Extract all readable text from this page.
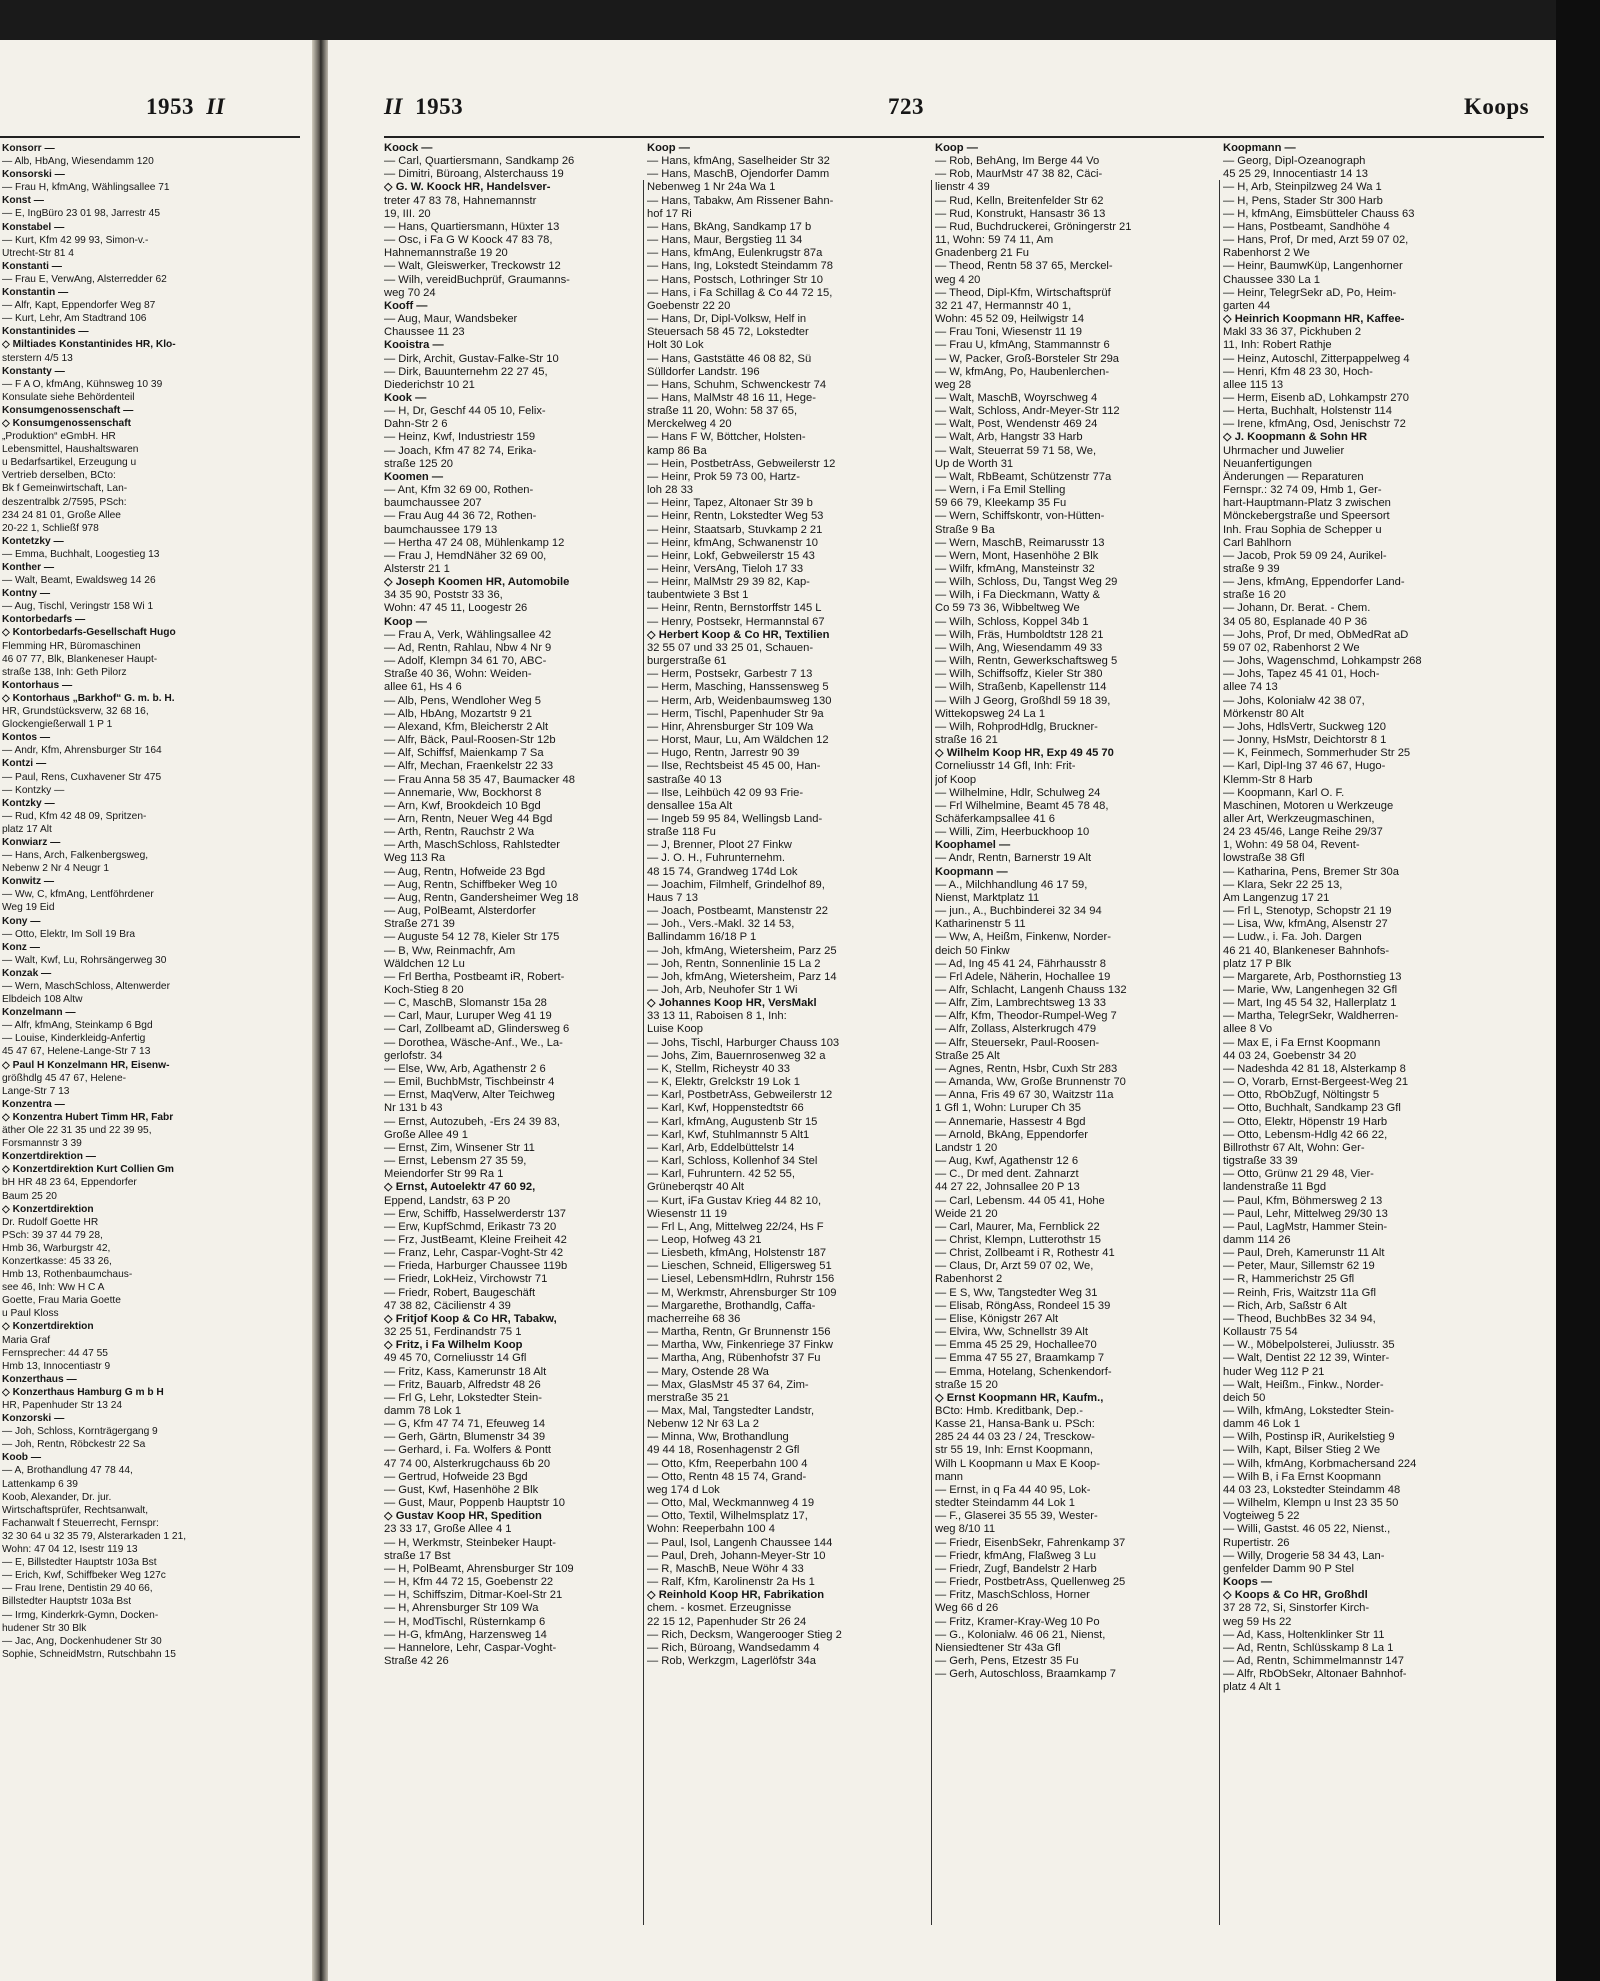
1953 II
Konsorr —
— Alb, HbAng, Wiesendamm 120
Konsorski —
— Frau H, kfmAng, Wählingsallee 71
Konst —
— E, IngBüro 23 01 98, Jarrestr 45
Konstabel —
— Kurt, Kfm 42 99 93, Simon-v.-
Utrecht-Str 81 4
Konstanti —
— Frau E, VerwAng, Alsterredder 62
Konstantin —
— Alfr, Kapt, Eppendorfer Weg 87
— Kurt, Lehr, Am Stadtrand 106
Konstantinides —
◇ Miltiades Konstantinides HR, Klo-
sterstern 4/5 13
Konstanty —
— F A O, kfmAng, Kühnsweg 10 39
Konsulate siehe Behördenteil
Konsumgenossenschaft —
◇ Konsumgenossenschaft
„Produktion“ eGmbH. HR
Lebensmittel, Haushaltswaren
u Bedarfsartikel, Erzeugung u
Vertrieb derselben, BCto:
Bk f Gemeinwirtschaft, Lan-
deszentralbk 2/7595, PSch:
234 24 81 01, Große Allee
20-22 1, Schließf 978
Kontetzky —
— Emma, Buchhalt, Loogestieg 13
Konther —
— Walt, Beamt, Ewaldsweg 14 26
Kontny —
— Aug, Tischl, Veringstr 158 Wi 1
Kontorbedarfs —
◇ Kontorbedarfs-Gesellschaft Hugo
Flemming HR, Büromaschinen
46 07 77, Blk, Blankeneser Haupt-
straße 138, Inh: Geth Pilorz
Kontorhaus —
◇ Kontorhaus „Barkhof“ G. m. b. H.
HR, Grundstücksverw, 32 68 16,
Glockengießerwall 1 P 1
Kontos —
— Andr, Kfm, Ahrensburger Str 164
Kontzi —
— Paul, Rens, Cuxhavener Str 475
— Kontzky —
Kontzky —
— Rud, Kfm 42 48 09, Spritzen-
platz 17 Alt
Konwiarz —
— Hans, Arch, Falkenbergsweg,
Nebenw 2 Nr 4 Neugr 1
Konwitz —
— Ww, C, kfmAng, Lentföhrdener
Weg 19 Eid
Kony —
— Otto, Elektr, Im Soll 19 Bra
Konz —
— Walt, Kwf, Lu, Rohrsängerweg 30
Konzak —
— Wern, MaschSchloss, Altenwerder
Elbdeich 108 Altw
Konzelmann —
— Alfr, kfmAng, Steinkamp 6 Bgd
— Louise, Kinderkleidg-Anfertig
45 47 67, Helene-Lange-Str 7 13
◇ Paul H Konzelmann HR, Eisenw-
größhdlg 45 47 67, Helene-
Lange-Str 7 13
Konzentra —
◇ Konzentra Hubert Timm HR, Fabr
äther Ole 22 31 35 und 22 39 95,
Forsmannstr 3 39
Konzertdirektion —
◇ Konzertdirektion Kurt Collien Gm
bH HR 48 23 64, Eppendorfer
Baum 25 20
◇ Konzertdirektion
Dr. Rudolf Goette HR
PSch: 39 37 44 79 28,
Hmb 36, Warburgstr 42,
Konzertkasse: 45 33 26,
Hmb 13, Rothenbaumchaus-
see 46, Inh: Ww H C A
Goette, Frau Maria Goette
u Paul Kloss
◇ Konzertdirektion
Maria Graf
Fernsprecher: 44 47 55
Hmb 13, Innocentiastr 9
Konzerthaus —
◇ Konzerthaus Hamburg G m b H
HR, Papenhuder Str 13 24
Konzorski —
— Joh, Schloss, Kornträgergang 9
— Joh, Rentn, Röbckestr 22 Sa
Koob —
— A, Brothandlung 47 78 44,
Lattenkamp 6 39
Koob, Alexander, Dr. jur.
Wirtschaftsprüfer, Rechtsanwalt,
Fachanwalt f Steuerrecht, Fernspr:
32 30 64 u 32 35 79, Alsterarkaden 1 21,
Wohn: 47 04 12, Isestr 119 13
— E, Billstedter Hauptstr 103a Bst
— Erich, Kwf, Schiffbeker Weg 127c
— Frau Irene, Dentistin 29 40 66,
Billstedter Hauptstr 103a Bst
— Irmg, Kinderkrk-Gymn, Docken-
hudener Str 30 Blk
— Jac, Ang, Dockenhudener Str 30
Sophie, SchneidMstrn, Rutschbahn 15
II 1953	723	Koops
Koock —
— Carl, Quartiersmann, Sandkamp 26
— Dimitri, Büroang, Alsterchauss 19
◇ G. W. Koock HR, Handelsver-
treter 47 83 78, Hahnemannstr
19, III. 20
— Hans, Quartiersmann, Hüxter 13
— Osc, i Fa G W Koock 47 83 78,
Hahnemannstraße 19 20
— Walt, Gleiswerker, Treckowstr 12
— Wilh, vereidBuchprüf, Graumanns-
weg 70 24
Kooff —
— Aug, Maur, Wandsbeker
Chaussee 11 23
Kooistra —
— Dirk, Archit, Gustav-Falke-Str 10
— Dirk, Bauunternehm 22 27 45,
Diederichstr 10 21
Kook —
— H, Dr, Geschf 44 05 10, Felix-
Dahn-Str 2 6
— Heinz, Kwf, Industriestr 159
— Joach, Kfm 47 82 74, Erika-
straße 125 20
Koomen —
— Ant, Kfm 32 69 00, Rothen-
baumchaussee 207
— Frau Aug 44 36 72, Rothen-
baumchaussee 179 13
— Hertha 47 24 08, Mühlenkamp 12
— Frau J, HemdNäher 32 69 00,
Alsterstr 21 1
◇ Joseph Koomen HR, Automobile
34 35 90, Poststr 33 36,
Wohn: 47 45 11, Loogestr 26
Koop —
— Frau A, Verk, Wählingsallee 42
— Ad, Rentn, Rahlau, Nbw 4 Nr 9
— Adolf, Klempn 34 61 70, ABC-
Straße 40 36, Wohn: Weiden-
allee 61, Hs 4 6
— Alb, Pens, Wendloher Weg 5
— Alb, HbAng, Mozartstr 9 21
— Alexand, Kfm, Bleicherstr 2 Alt
— Alfr, Bäck, Paul-Roosen-Str 12b
— Alf, Schiffsf, Maienkamp 7 Sa
— Alfr, Mechan, Fraenkelstr 22 33
— Frau Anna 58 35 47, Baumacker 48
— Annemarie, Ww, Bockhorst 8
— Arn, Kwf, Brookdeich 10 Bgd
— Arn, Rentn, Neuer Weg 44 Bgd
— Arth, Rentn, Rauchstr 2 Wa
— Arth, MaschSchloss, Rahlstedter
Weg 113 Ra
— Aug, Rentn, Hofweide 23 Bgd
— Aug, Rentn, Schiffbeker Weg 10
— Aug, Rentn, Gandersheimer Weg 18
— Aug, PolBeamt, Alsterdorfer
Straße 271 39
— Auguste 54 12 78, Kieler Str 175
— B, Ww, Reinmachfr, Am
Wäldchen 12 Lu
— Frl Bertha, Postbeamt iR, Robert-
Koch-Stieg 8 20
— C, MaschB, Slomanstr 15a 28
— Carl, Maur, Luruper Weg 41 19
— Carl, Zollbeamt aD, Glindersweg 6
— Dorothea, Wäsche-Anf., We., La-
gerlofstr. 34
— Else, Ww, Arb, Agathenstr 2 6
— Emil, BuchbMstr, Tischbeinstr 4
— Ernst, MaqVerw, Alter Teichweg
Nr 131 b 43
— Ernst, Autozubeh, -Ers 24 39 83,
Große Allee 49 1
— Ernst, Zim, Winsener Str 11
— Ernst, Lebensm 27 35 59,
Meiendorfer Str 99 Ra 1
◇ Ernst, Autoelektr 47 60 92,
Eppend, Landstr, 63 P 20
— Erw, Schiffb, Hasselwerderstr 137
— Erw, KupfSchmd, Erikastr 73 20
— Frz, JustBeamt, Kleine Freiheit 42
— Franz, Lehr, Caspar-Voght-Str 42
— Frieda, Harburger Chaussee 119b
— Friedr, LokHeiz, Virchowstr 71
— Friedr, Robert, Baugeschäft
47 38 82, Cäcilienstr 4 39
◇ Fritjof Koop & Co HR, Tabakw,
32 25 51, Ferdinandstr 75 1
◇ Fritz, i Fa Wilhelm Koop
49 45 70, Corneliusstr 14 Gfl
— Fritz, Kass, Kamerunstr 18 Alt
— Fritz, Bauarb, Alfredstr 48 26
— Frl G, Lehr, Lokstedter Stein-
damm 78 Lok 1
— G, Kfm 47 74 71, Efeuweg 14
— Gerh, Gärtn, Blumenstr 34 39
— Gerhard, i. Fa. Wolfers & Pontt
47 74 00, Alsterkrugchauss 6b 20
— Gertrud, Hofweide 23 Bgd
— Gust, Kwf, Hasenhöhe 2 Blk
— Gust, Maur, Poppenb Hauptstr 10
◇ Gustav Koop HR, Spedition
23 33 17, Große Allee 4 1
— H, Werkmstr, Steinbeker Haupt-
straße 17 Bst
— H, PolBeamt, Ahrensburger Str 109
— H, Kfm 44 72 15, Goebenstr 22
— H, Schiffszim, Ditmar-Koel-Str 21
— H, Ahrensburger Str 109 Wa
— H, ModTischl, Rüsternkamp 6
— H-G, kfmAng, Harzensweg 14
— Hannelore, Lehr, Caspar-Voght-
Straße 42 26
Koop —
— Hans, kfmAng, Saselheider Str 32
— Hans, MaschB, Ojendorfer Damm
Nebenweg 1 Nr 24a Wa 1
— Hans, Tabakw, Am Rissener Bahn-
hof 17 Ri
— Hans, BkAng, Sandkamp 17 b
— Hans, Maur, Bergstieg 11 34
— Hans, kfmAng, Eulenkrugstr 87a
— Hans, Ing, Lokstedt Steindamm 78
— Hans, Postsch, Lothringer Str 10
— Hans, i Fa Schillag & Co 44 72 15,
Goebenstr 22 20
— Hans, Dr, Dipl-Volksw, Helf in
Steuersach 58 45 72, Lokstedter
Holt 30 Lok
— Hans, Gaststätte 46 08 82, Sü
Sülldorfer Landstr. 196
— Hans, Schuhm, Schwenckestr 74
— Hans, MalMstr 48 16 11, Hege-
straße 11 20, Wohn: 58 37 65,
Merckelweg 4 20
— Hans F W, Böttcher, Holsten-
kamp 86 Ba
— Hein, PostbetrAss, Gebweilerstr 12
— Heinr, Prok 59 73 00, Hartz-
loh 28 33
— Heinr, Tapez, Altonaer Str 39 b
— Heinr, Rentn, Lokstedter Weg 53
— Heinr, Staatsarb, Stuvkamp 2 21
— Heinr, kfmAng, Schwanenstr 10
— Heinr, Lokf, Gebweilerstr 15 43
— Heinr, VersAng, Tieloh 17 33
— Heinr, MalMstr 29 39 82, Kap-
taubentwiete 3 Bst 1
— Heinr, Rentn, Bernstorffstr 145 L
— Henry, Postsekr, Hermannstal 67
◇ Herbert Koop & Co HR, Textilien
32 55 07 und 33 25 01, Schauen-
burgerstraße 61
— Herm, Postsekr, Garbestr 7 13
— Herm, Masching, Hanssensweg 5
— Herm, Arb, Weidenbaumsweg 130
— Herm, Tischl, Papenhuder Str 9a
— Hinr, Ahrensburger Str 109 Wa
— Horst, Maur, Lu, Am Wäldchen 12
— Hugo, Rentn, Jarrestr 90 39
— Ilse, Rechtsbeist 45 45 00, Han-
sastraße 40 13
— Ilse, Leihbüch 42 09 93 Frie-
densallee 15a Alt
— Ingeb 59 95 84, Wellingsb Land-
straße 118 Fu
— J, Brenner, Ploot 27 Finkw
— J. O. H., Fuhrunternehm.
48 15 74, Grandweg 174d Lok
— Joachim, Filmhelf, Grindelhof 89,
Haus 7 13
— Joach, Postbeamt, Manstenstr 22
— Joh., Vers.-Makl. 32 14 53,
Ballindamm 16/18 P 1
— Joh, kfmAng, Wietersheim, Parz 25
— Joh, Rentn, Sonnenlinie 15 La 2
— Joh, kfmAng, Wietersheim, Parz 14
— Joh, Arb, Neuhofer Str 1 Wi
◇ Johannes Koop HR, VersMakl
33 13 11, Raboisen 8 1, Inh:
Luise Koop
— Johs, Tischl, Harburger Chauss 103
— Johs, Zim, Bauernrosenweg 32 a
— K, Stellm, Richeystr 40 33
— K, Elektr, Grelckstr 19 Lok 1
— Karl, PostbetrAss, Gebweilerstr 12
— Karl, Kwf, Hoppenstedtstr 66
— Karl, kfmAng, Augustenb Str 15
— Karl, Kwf, Stuhlmannstr 5 Alt1
— Karl, Arb, Eddelbüttelstr 14
— Karl, Schloss, Kollenhof 34 Stel
— Karl, Fuhruntern. 42 52 55,
Grüneberqstr 40 Alt
— Kurt, iFa Gustav Krieg 44 82 10,
Wiesenstr 11 19
— Frl L, Ang, Mittelweg 22/24, Hs F
— Leop, Hofweg 43 21
— Liesbeth, kfmAng, Holstenstr 187
— Lieschen, Schneid, Elligersweg 51
— Liesel, LebensmHdlrn, Ruhrstr 156
— M, Werkmstr, Ahrensburger Str 109
— Margarethe, Brothandlg, Caffa-
macherreihe 68 36
— Martha, Rentn, Gr Brunnenstr 156
— Martha, Ww, Finkenriege 37 Finkw
— Martha, Ang, Rübenhofstr 37 Fu
— Mary, Ostende 28 Wa
— Max, GlasMstr 45 37 64, Zim-
merstraße 35 21
— Max, Mal, Tangstedter Landstr,
Nebenw 12 Nr 63 La 2
— Minna, Ww, Brothandlung
49 44 18, Rosenhagenstr 2 Gfl
— Otto, Kfm, Reeperbahn 100 4
— Otto, Rentn 48 15 74, Grand-
weg 174 d Lok
— Otto, Mal, Weckmannweg 4 19
— Otto, Textil, Wilhelmsplatz 17,
Wohn: Reeperbahn 100 4
— Paul, Isol, Langenh Chaussee 144
— Paul, Dreh, Johann-Meyer-Str 10
— R, MaschB, Neue Wöhr 4 33
— Ralf, Kfm, Karolinenstr 2a Hs 1
◇ Reinhold Koop HR, Fabrikation
chem. - kosmet. Erzeugnisse
22 15 12, Papenhuder Str 26 24
— Rich, Decksm, Wangerooger Stieg 2
— Rich, Büroang, Wandsedamm 4
— Rob, Werkzgm, Lagerlöfstr 34a
Koop —
— Rob, BehAng, Im Berge 44 Vo
— Rob, MaurMstr 47 38 82, Cäci-
lienstr 4 39
— Rud, Kelln, Breitenfelder Str 62
— Rud, Konstrukt, Hansastr 36 13
— Rud, Buchdruckerei, Gröningerstr 21
11, Wohn: 59 74 11, Am
Gnadenberg 21 Fu
— Theod, Rentn 58 37 65, Merckel-
weg 4 20
— Theod, Dipl-Kfm, Wirtschaftsprüf
32 21 47, Hermannstr 40 1,
Wohn: 45 52 09, Heilwigstr 14
— Frau Toni, Wiesenstr 11 19
— Frau U, kfmAng, Stammannstr 6
— W, Packer, Groß-Borsteler Str 29a
— W, kfmAng, Po, Haubenlerchen-
weg 28
— Walt, MaschB, Woyrschweg 4
— Walt, Schloss, Andr-Meyer-Str 112
— Walt, Post, Wendenstr 469 24
— Walt, Arb, Hangstr 33 Harb
— Walt, Steuerrat 59 71 58, We,
Up de Worth 31
— Walt, RbBeamt, Schützenstr 77a
— Wern, i Fa Emil Stelling
59 66 79, Kleekamp 35 Fu
— Wern, Schiffskontr, von-Hütten-
Straße 9 Ba
— Wern, MaschB, Reimarusstr 13
— Wern, Mont, Hasenhöhe 2 Blk
— Wilfr, kfmAng, Mansteinstr 32
— Wilh, Schloss, Du, Tangst Weg 29
— Wilh, i Fa Dieckmann, Watty &
Co 59 73 36, Wibbeltweg We
— Wilh, Schloss, Koppel 34b 1
— Wilh, Fräs, Humboldtstr 128 21
— Wilh, Ang, Wiesendamm 49 33
— Wilh, Rentn, Gewerkschaftsweg 5
— Wilh, Schiffsoffz, Kieler Str 380
— Wilh, Straßenb, Kapellenstr 114
— Wilh J Georg, Großhdl 59 18 39,
Wittekopsweg 24 La 1
— Wilh, RohprodHdlg, Bruckner-
straße 16 21
◇ Wilhelm Koop HR, Exp 49 45 70
Corneliusstr 14 Gfl, Inh: Frit-
jof Koop
— Wilhelmine, Hdlr, Schulweg 24
— Frl Wilhelmine, Beamt 45 78 48,
Schäferkampsallee 41 6
— Willi, Zim, Heerbuckhoop 10
Koophamel —
— Andr, Rentn, Barnerstr 19 Alt
Koopmann —
— A., Milchhandlung 46 17 59,
Nienst, Marktplatz 11
— jun., A., Buchbinderei 32 34 94
Katharinenstr 5 11
— Ww, A, Heißm, Finkenw, Norder-
deich 50 Finkw
— Ad, Ing 45 41 24, Fährhausstr 8
— Frl Adele, Näherin, Hochallee 19
— Alfr, Schlacht, Langenh Chauss 132
— Alfr, Zim, Lambrechtsweg 13 33
— Alfr, Kfm, Theodor-Rumpel-Weg 7
— Alfr, Zollass, Alsterkrugch 479
— Alfr, Steuersekr, Paul-Roosen-
Straße 25 Alt
— Agnes, Rentn, Hsbr, Cuxh Str 283
— Amanda, Ww, Große Brunnenstr 70
— Anna, Fris 49 67 30, Waitzstr 11a
1 Gfl 1, Wohn: Luruper Ch 35
— Annemarie, Hassestr 4 Bgd
— Arnold, BkAng, Eppendorfer
Landstr 1 20
— Aug, Kwf, Agathenstr 12 6
— C., Dr med dent. Zahnarzt
44 27 22, Johnsallee 20 P 13
— Carl, Lebensm. 44 05 41, Hohe
Weide 21 20
— Carl, Maurer, Ma, Fernblick 22
— Christ, Klempn, Lutterothstr 15
— Christ, Zollbeamt i R, Rothestr 41
— Claus, Dr, Arzt 59 07 02, We,
Rabenhorst 2
— E S, Ww, Tangstedter Weg 31
— Elisab, RöngAss, Rondeel 15 39
— Elise, Königstr 267 Alt
— Elvira, Ww, Schnellstr 39 Alt
— Emma 45 25 29, Hochallee70
— Emma 47 55 27, Braamkamp 7
— Emma, Hotelang, Schenkendorf-
straße 15 20
◇ Ernst Koopmann HR, Kaufm.,
BCto: Hmb. Kreditbank, Dep.-
Kasse 21, Hansa-Bank u. PSch:
285 24 44 03 23 / 24, Tresckow-
str 55 19, Inh: Ernst Koopmann,
Wilh L Koopmann u Max E Koop-
mann
— Ernst, in q Fa 44 40 95, Lok-
stedter Steindamm 44 Lok 1
— F., Glaserei 35 55 39, Wester-
weg 8/10 11
— Friedr, EisenbSekr, Fahrenkamp 37
— Friedr, kfmAng, Flaßweg 3 Lu
— Friedr, Zugf, Bandelstr 2 Harb
— Friedr, PostbetrAss, Quellenweg 25
— Fritz, MaschSchloss, Horner
Weg 66 d 26
— Fritz, Kramer-Kray-Weg 10 Po
— G., Kolonialw. 46 06 21, Nienst,
Niensiedtener Str 43a Gfl
— Gerh, Pens, Etzestr 35 Fu
— Gerh, Autoschloss, Braamkamp 7
Koopmann —
— Georg, Dipl-Ozeanograph
45 25 29, Innocentiastr 14 13
— H, Arb, Steinpilzweg 24 Wa 1
— H, Pens, Stader Str 300 Harb
— H, kfmAng, Eimsbütteler Chauss 63
— Hans, Postbeamt, Sandhöhe 4
— Hans, Prof, Dr med, Arzt 59 07 02,
Rabenhorst 2 We
— Heinr, BaumwKüp, Langenhorner
Chaussee 330 La 1
— Heinr, TelegrSekr aD, Po, Heim-
garten 44
◇ Heinrich Koopmann HR, Kaffee-
Makl 33 36 37, Pickhuben 2
11, Inh: Robert Rathje
— Heinz, Autoschl, Zitterpappelweg 4
— Henri, Kfm 48 23 30, Hoch-
allee 115 13
— Herm, Eisenb aD, Lohkampstr 270
— Herta, Buchhalt, Holstenstr 114
— Irene, kfmAng, Osd, Jenischstr 72
◇ J. Koopmann & Sohn HR
Uhrmacher und Juwelier
Neuanfertigungen
Änderungen — Reparaturen
Fernspr.: 32 74 09, Hmb 1, Ger-
hart-Hauptmann-Platz 3 zwischen
Mönckebergstraße und Speersort
Inh. Frau Sophia de Schepper u
Carl Bahlhorn
— Jacob, Prok 59 09 24, Aurikel-
straße 9 39
— Jens, kfmAng, Eppendorfer Land-
straße 16 20
— Johann, Dr. Berat. - Chem.
34 05 80, Esplanade 40 P 36
— Johs, Prof, Dr med, ObMedRat aD
59 07 02, Rabenhorst 2 We
— Johs, Wagenschmd, Lohkampstr 268
— Johs, Tapez 45 41 01, Hoch-
allee 74 13
— Johs, Kolonialw 42 38 07,
Mörkenstr 80 Alt
— Johs, HdlsVertr, Suckweg 120
— Jonny, HsMstr, Deichtorstr 8 1
— K, Feinmech, Sommerhuder Str 25
— Karl, Dipl-Ing 37 46 67, Hugo-
Klemm-Str 8 Harb
— Koopmann, Karl O. F.
Maschinen, Motoren u Werkzeuge
aller Art, Werkzeugmaschinen,
24 23 45/46, Lange Reihe 29/37
1, Wohn: 49 58 04, Revent-
lowstraße 38 Gfl
— Katharina, Pens, Bremer Str 30a
— Klara, Sekr 22 25 13,
Am Langenzug 17 21
— Frl L, Stenotyp, Schopstr 21 19
— Lisa, Ww, kfmAng, Alsenstr 27
— Ludw., i. Fa. Joh. Dargen
46 21 40, Blankeneser Bahnhofs-
platz 17 P Blk
— Margarete, Arb, Posthornstieg 13
— Marie, Ww, Langenhegen 32 Gfl
— Mart, Ing 45 54 32, Hallerplatz 1
— Martha, TelegrSekr, Waldherren-
allee 8 Vo
— Max E, i Fa Ernst Koopmann
44 03 24, Goebenstr 34 20
— Nadeshda 42 81 18, Alsterkamp 8
— O, Vorarb, Ernst-Bergeest-Weg 21
— Otto, RbObZugf, Nöltingstr 5
— Otto, Buchhalt, Sandkamp 23 Gfl
— Otto, Elektr, Höpenstr 19 Harb
— Otto, Lebensm-Hdlg 42 66 22,
Billrothstr 67 Alt, Wohn: Ger-
tigstraße 33 39
— Otto, Grünw 21 29 48, Vier-
landenstraße 11 Bgd
— Paul, Kfm, Böhmersweg 2 13
— Paul, Lehr, Mittelweg 29/30 13
— Paul, LagMstr, Hammer Stein-
damm 114 26
— Paul, Dreh, Kamerunstr 11 Alt
— Peter, Maur, Sillemstr 62 19
— R, Hammerichstr 25 Gfl
— Reinh, Fris, Waitzstr 11a Gfl
— Rich, Arb, Saßstr 6 Alt
— Theod, BuchbBes 32 34 94,
Kollaustr 75 54
— W., Möbelpolsterei, Juliusstr. 35
— Walt, Dentist 22 12 39, Winter-
huder Weg 112 P 21
— Walt, Heißm., Finkw., Norder-
deich 50
— Wilh, kfmAng, Lokstedter Stein-
damm 46 Lok 1
— Wilh, Postinsp iR, Aurikelstieg 9
— Wilh, Kapt, Bilser Stieg 2 We
— Wilh, kfmAng, Korbmachersand 224
— Wilh B, i Fa Ernst Koopmann
44 03 23, Lokstedter Steindamm 48
— Wilhelm, Klempn u Inst 23 35 50
Vogteiweg 5 22
— Willi, Gastst. 46 05 22, Nienst.,
Rupertistr. 26
— Willy, Drogerie 58 34 43, Lan-
genfelder Damm 90 P Stel
Koops —
◇ Koops & Co HR, Großhdl
37 28 72, Si, Sinstorfer Kirch-
weg 59 Hs 22
— Ad, Kass, Holtenklinker Str 11
— Ad, Rentn, Schlüsskamp 8 La 1
— Ad, Rentn, Schimmelmannstr 147
— Alfr, RbObSekr, Altonaer Bahnhof-
platz 4 Alt 1
